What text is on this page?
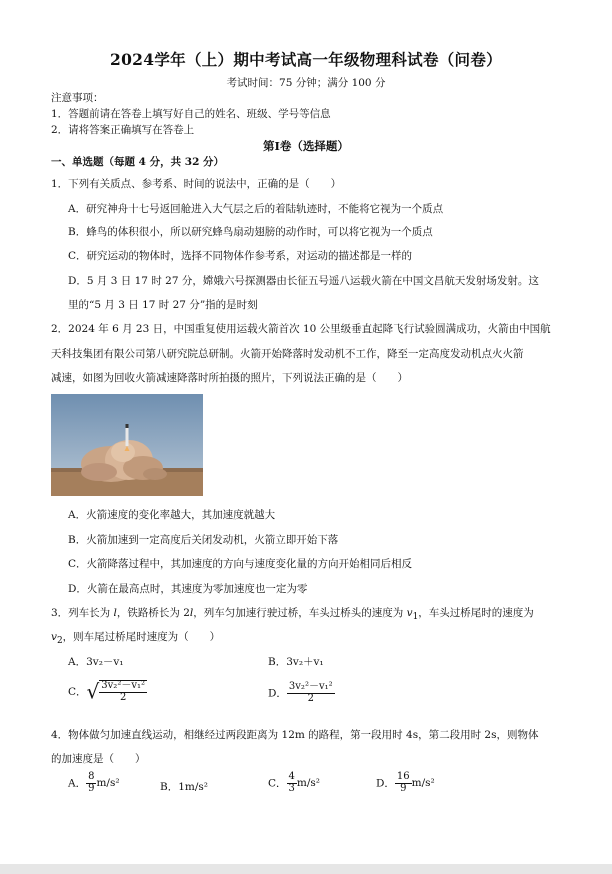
2024学年（上）期中考试高一年级物理科试卷（问卷）
考试时间：75 分钟；满分 100 分
注意事项：
1．答题前请在答卷上填写好自己的姓名、班级、学号等信息
2．请将答案正确填写在答卷上
第Ⅰ卷（选择题）
一、单选题（每题 4 分，共 32 分）
1．下列有关质点、参考系、时间的说法中，正确的是（　　）
A．研究神舟十七号返回舱进入大气层之后的着陆轨迹时，不能将它视为一个质点
B．蜂鸟的体积很小，所以研究蜂鸟扇动翅膀的动作时，可以将它视为一个质点
C．研究运动的物体时，选择不同物体作参考系，对运动的描述都是一样的
D．5 月 3 日 17 时 27 分，嫦娥六号探测器由长征五号遥八运载火箭在中国文昌航天发射场发射。这
里的“5 月 3 日 17 时 27 分”指的是时刻
2．2024 年 6 月 23 日，中国重复使用运载火箭首次 10 公里级垂直起降飞行试验圆满成功，火箭由中国航
天科技集团有限公司第八研究院总研制。火箭开始降落时发动机不工作，降至一定高度发动机点火火箭
减速，如图为回收火箭减速降落时所拍摄的照片，下列说法正确的是（　　）
A．火箭速度的变化率越大，其加速度就越大
B．火箭加速到一定高度后关闭发动机，火箭立即开始下落
C．火箭降落过程中，其加速度的方向与速度变化量的方向开始相同后相反
D．火箭在最高点时，其速度为零加速度也一定为零
3．列车长为 l，铁路桥长为 2l，列车匀加速行驶过桥，车头过桥头的速度为 $v_1$，车头过桥尾时的速度为
$v_2$，则车尾过桥尾时速度为（　　）
A．3v₂－v₁	B．3v₂＋v₁
C．√ $\frac{\text{3v₂²－v₁²}}{2}$	D． $\frac{\text{3v₂²－v₁²}}{2}$
4．物体做匀加速直线运动，相继经过两段距离为 12m 的路程，第一段用时 4s，第二段用时 2s，则物体
的加速度是（　　）
A． $\frac{8}{9} m/s^2$	B．1m/s²	C． $\frac{4}{3} m/s^2$	D． $\frac{16}{9} m/s^2$
